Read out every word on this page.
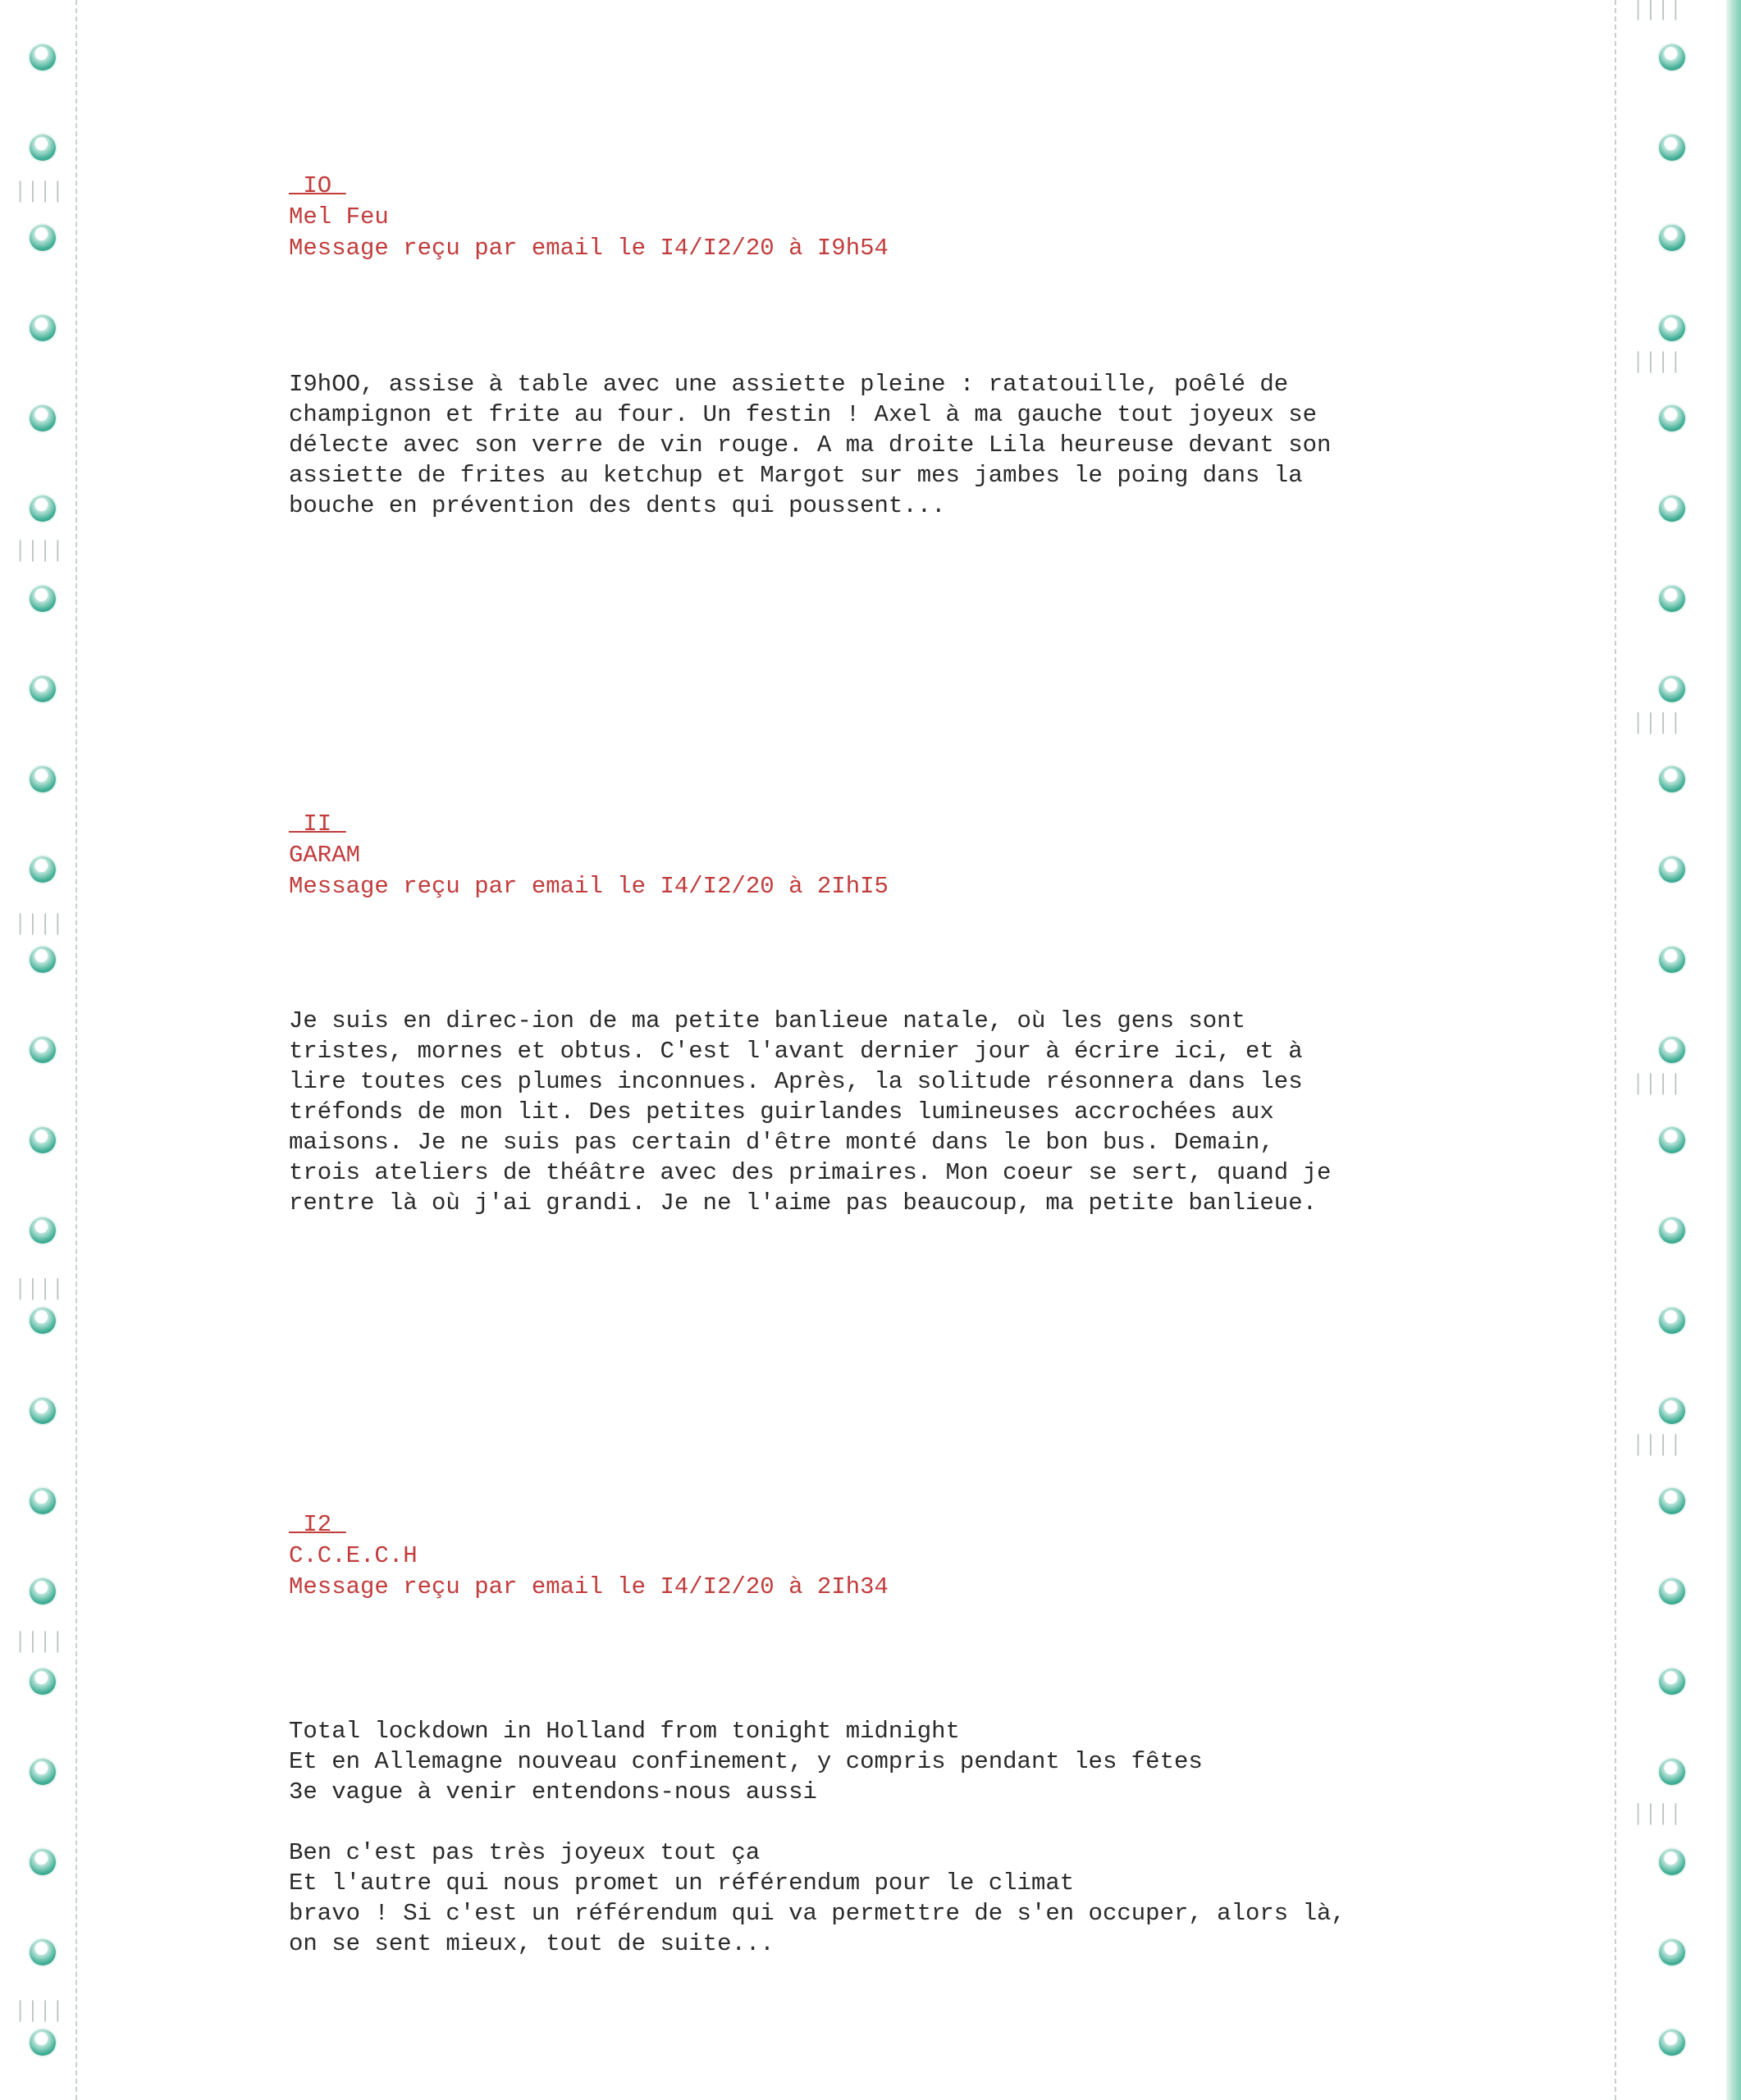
││││
││││
││││
││││
││││
││││
││││
││││
││││
││││
││││
││││
_IO_
Mel Feu
Message reçu par email le I4/I2/20 à I9h54
I9hOO, assise à table avec une assiette pleine : ratatouille, poêlé de
champignon et frite au four. Un festin ! Axel à ma gauche tout joyeux se
délecte avec son verre de vin rouge. A ma droite Lila heureuse devant son
assiette de frites au ketchup et Margot sur mes jambes le poing dans la
bouche en prévention des dents qui poussent...
_II_
GARAM
Message reçu par email le I4/I2/20 à 2IhI5
Je suis en direc-ion de ma petite banlieue natale, où les gens sont
tristes, mornes et obtus. C'est l'avant dernier jour à écrire ici, et à
lire toutes ces plumes inconnues. Après, la solitude résonnera dans les
tréfonds de mon lit. Des petites guirlandes lumineuses accrochées aux
maisons. Je ne suis pas certain d'être monté dans le bon bus. Demain,
trois ateliers de théâtre avec des primaires. Mon coeur se sert, quand je
rentre là où j'ai grandi. Je ne l'aime pas beaucoup, ma petite banlieue.
_I2_
C.C.E.C.H
Message reçu par email le I4/I2/20 à 2Ih34
Total lockdown in Holland from tonight midnight
Et en Allemagne nouveau confinement, y compris pendant les fêtes
3e vague à venir entendons-nous aussi

Ben c'est pas très joyeux tout ça
Et l'autre qui nous promet un référendum pour le climat
bravo ! Si c'est un référendum qui va permettre de s'en occuper, alors là,
on se sent mieux, tout de suite...
